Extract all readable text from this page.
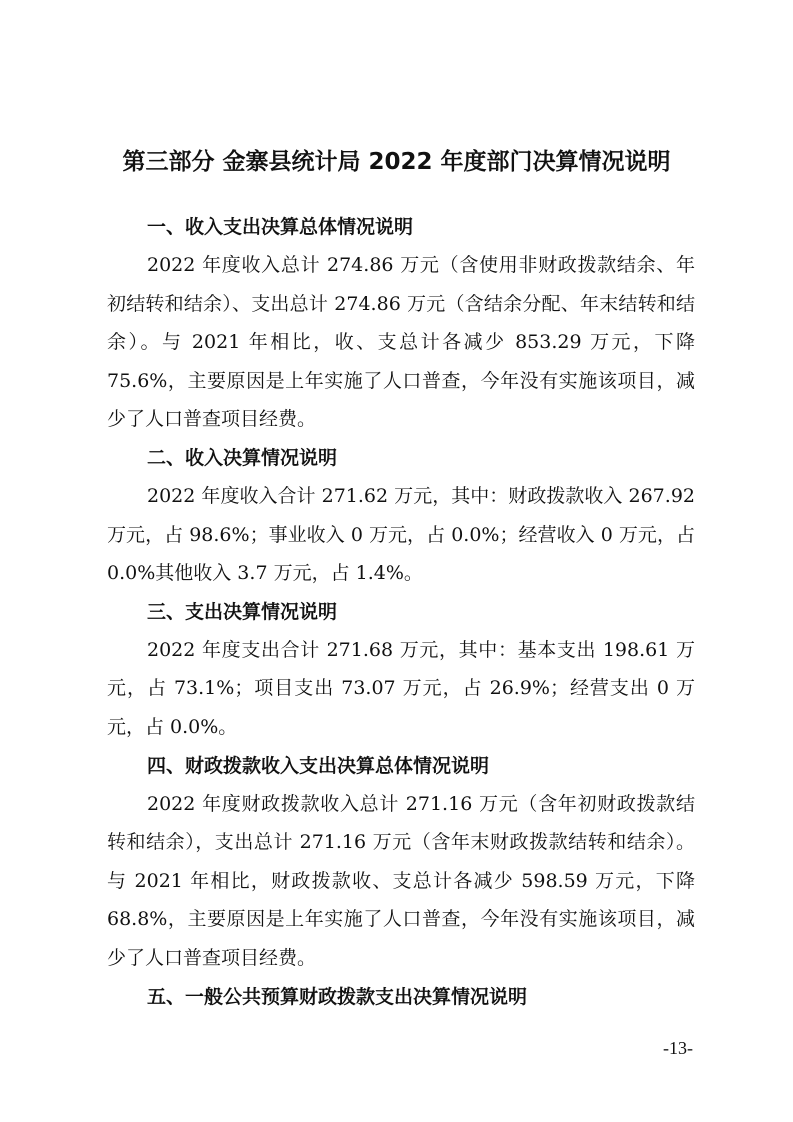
第三部分 金寨县统计局 2022 年度部门决算情况说明
一、收入支出决算总体情况说明

2022 年度收入总计 274.86 万元（含使用非财政拨款结余、年初结转和结余）、支出总计 274.86 万元（含结余分配、年末结转和结余）。与 2021 年相比，收、支总计各减少 853.29 万元，下降 75.6%，主要原因是上年实施了人口普查，今年没有实施该项目，减少了人口普查项目经费。

二、收入决算情况说明

2022 年度收入合计 271.62 万元，其中：财政拨款收入 267.92 万元，占 98.6%；事业收入 0 万元，占 0.0%；经营收入 0 万元，占 0.0%其他收入 3.7 万元，占 1.4%。

三、支出决算情况说明

2022 年度支出合计 271.68 万元，其中：基本支出 198.61 万元，占 73.1%；项目支出 73.07 万元，占 26.9%；经营支出 0 万元，占 0.0%。

四、财政拨款收入支出决算总体情况说明

2022 年度财政拨款收入总计 271.16 万元（含年初财政拨款结转和结余），支出总计 271.16 万元（含年末财政拨款结转和结余）。与 2021 年相比，财政拨款收、支总计各减少 598.59 万元，下降 68.8%，主要原因是上年实施了人口普查，今年没有实施该项目，减少了人口普查项目经费。

五、一般公共预算财政拨款支出决算情况说明
-13-
